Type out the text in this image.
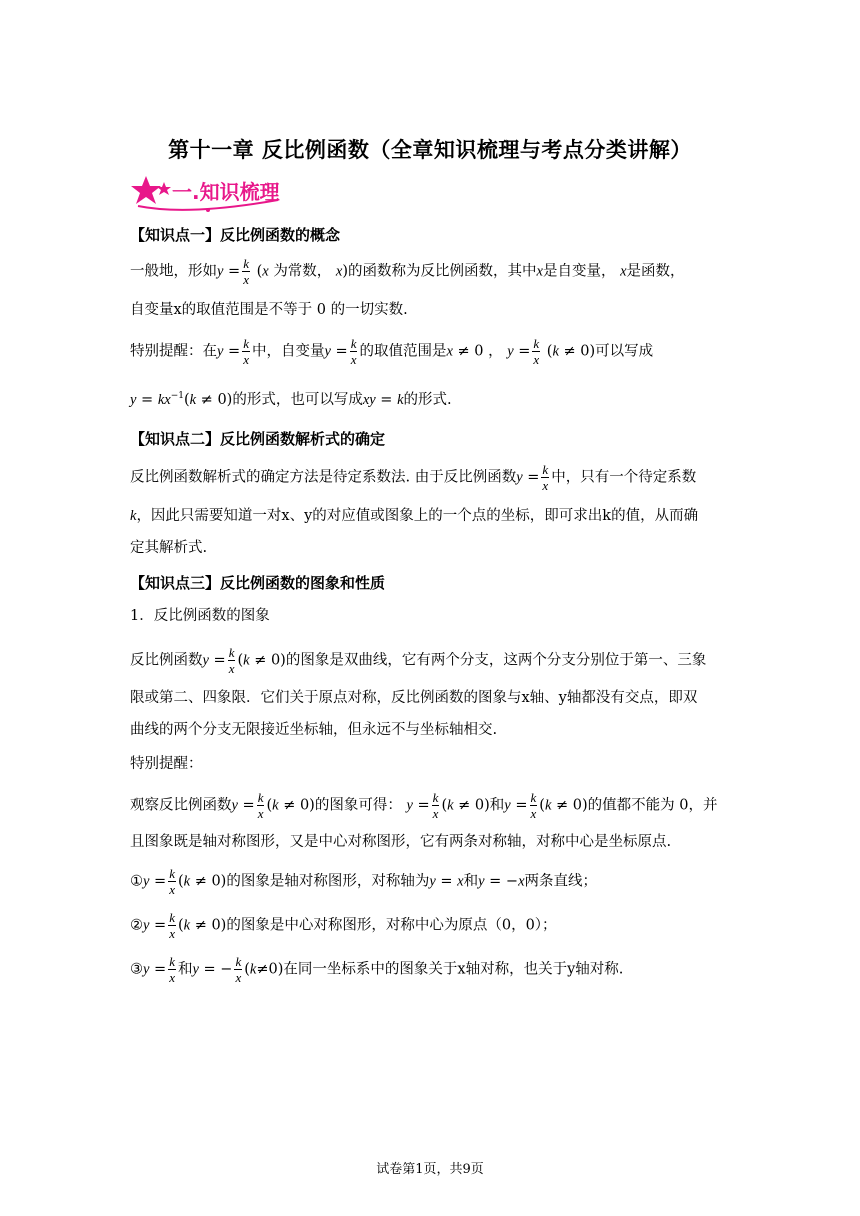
第十一章 反比例函数（全章知识梳理与考点分类讲解）
一.知识梳理
【知识点一】反比例函数的概念
一般地，形如$y = \frac{k}{x} (x$ 为常数， x)的函数称为反比例函数，其中x是自变量， x是函数，
自变量x的取值范围是不等于 0 的一切实数.
特别提醒：在$y = \frac{k}{x}$ 中，自变量$y = \frac{k}{x}$ 的取值范围是x ≠ 0 ， $y = \frac{k}{x} (k \ne 0)$可以写成
$y = kx^{-1}(k \ne 0)$的形式，也可以写成xy = k的形式.
【知识点二】反比例函数解析式的确定
反比例函数解析式的确定方法是待定系数法. 由于反比例函数$y = \frac{k}{x}$ 中，只有一个待定系数
k，因此只需要知道一对x、y的对应值或图象上的一个点的坐标，即可求出k的值，从而确
定其解析式.
【知识点三】反比例函数的图象和性质
1．反比例函数的图象
反比例函数$y = \frac{k}{x} (k \ne 0)$的图象是双曲线，它有两个分支，这两个分支分别位于第一、三象
限或第二、四象限．它们关于原点对称，反比例函数的图象与x轴、y轴都没有交点，即双
曲线的两个分支无限接近坐标轴，但永远不与坐标轴相交.
特别提醒：
观察反比例函数$y = \frac{k}{x} (k \ne 0)$的图象可得： $y = \frac{k}{x} (k \ne 0)$和$y = \frac{k}{x} (k \ne 0)$的值都不能为 0，并
且图象既是轴对称图形，又是中心对称图形，它有两条对称轴，对称中心是坐标原点.
①y = $\frac{k}{x} (k \ne 0)$的图象是轴对称图形，对称轴为y = x和y = −x两条直线；
②y = $\frac{k}{x} (k \ne 0)$的图象是中心对称图形，对称中心为原点（0，0）；
③y = $\frac{k}{x}$ 和y = − $\frac{k}{x} (k\ne 0)$在同一坐标系中的图象关于x轴对称，也关于y轴对称.
试卷第1页，共9页
